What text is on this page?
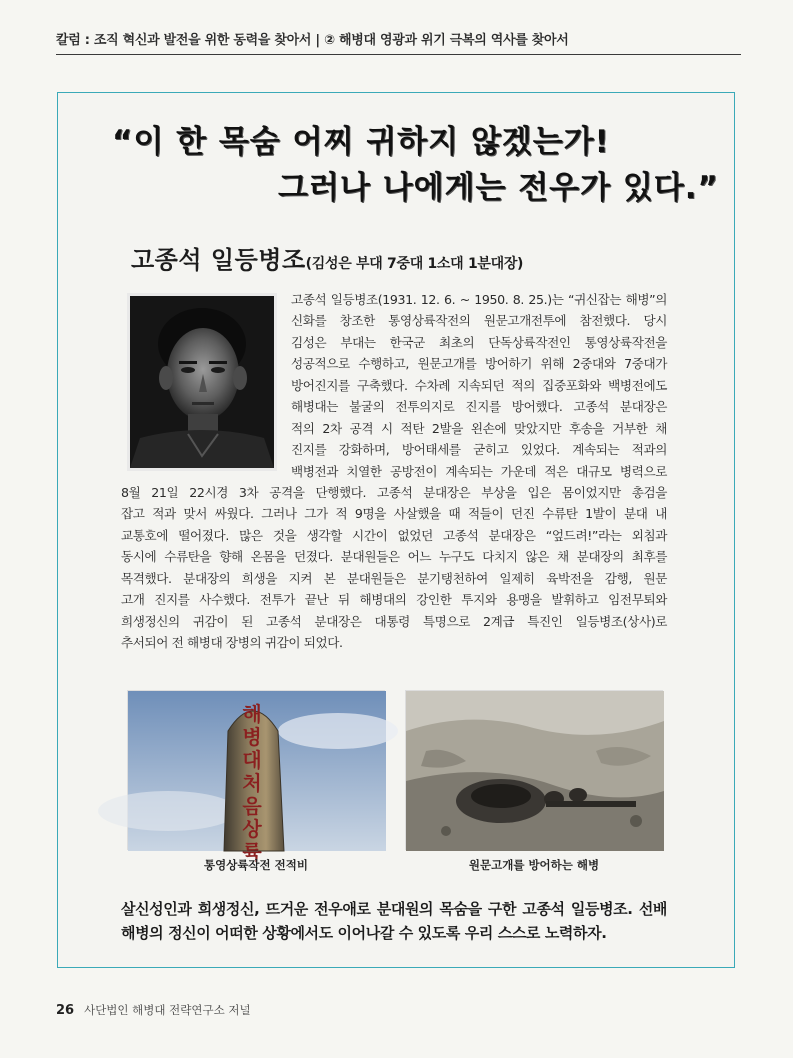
칼럼 : 조직 혁신과 발전을 위한 동력을 찾아서 | ② 해병대 영광과 위기 극복의 역사를 찾아서
“이 한 목숨 어찌 귀하지 않겠는가!
그러나 나에게는 전우가 있다.”
고종석 일등병조(김성은 부대 7중대 1소대 1분대장)
고종석 일등병조(1931. 12. 6. ~ 1950. 8. 25.)는 “귀신잡는 해병”의
신화를 창조한 통영상륙작전의 원문고개전투에 참전했다. 당시
김성은 부대는 한국군 최초의 단독상륙작전인 통영상륙작전을
성공적으로 수행하고, 원문고개를 방어하기 위해 2중대와 7중대가
방어진지를 구축했다. 수차례 지속되던 적의 집중포화와 백병전에도
해병대는 불굴의 전투의지로 진지를 방어했다. 고종석 분대장은
적의 2차 공격 시 적탄 2발을 왼손에 맞았지만 후송을 거부한 채
진지를 강화하며, 방어태세를 굳히고 있었다. 계속되는 적과의
백병전과 치열한 공방전이 계속되는 가운데 적은 대규모 병력으로
8월 21일 22시경 3차 공격을 단행했다. 고종석 분대장은 부상을 입은 몸이었지만 총검을
잡고 적과 맞서 싸웠다. 그러나 그가 적 9명을 사살했을 때 적들이 던진 수류탄 1발이 분대 내
교통호에 떨어졌다. 많은 것을 생각할 시간이 없었던 고종석 분대장은 “엎드려!”라는 외침과
동시에 수류탄을 향해 온몸을 던졌다. 분대원들은 어느 누구도 다치지 않은 채 분대장의 최후를
목격했다. 분대장의 희생을 지켜 본 분대원들은 분기탱천하여 일제히 육박전을 감행, 원문
고개 진지를 사수했다. 전투가 끝난 뒤 해병대의 강인한 투지와 용맹을 발휘하고 임전무퇴와
희생정신의 귀감이 된 고종석 분대장은 대통령 특명으로 2계급 특진인 일등병조(상사)로
추서되어 전 해병대 장병의 귀감이 되었다.
해병대 처음 상륙
통영상륙작전 전적비	원문고개를 방어하는 해병
살신성인과 희생정신, 뜨거운 전우애로 분대원의 목숨을 구한 고종석 일등병조. 선배
해병의 정신이 어떠한 상황에서도 이어나갈 수 있도록 우리 스스로 노력하자.
26 사단법인 해병대 전략연구소 저널
